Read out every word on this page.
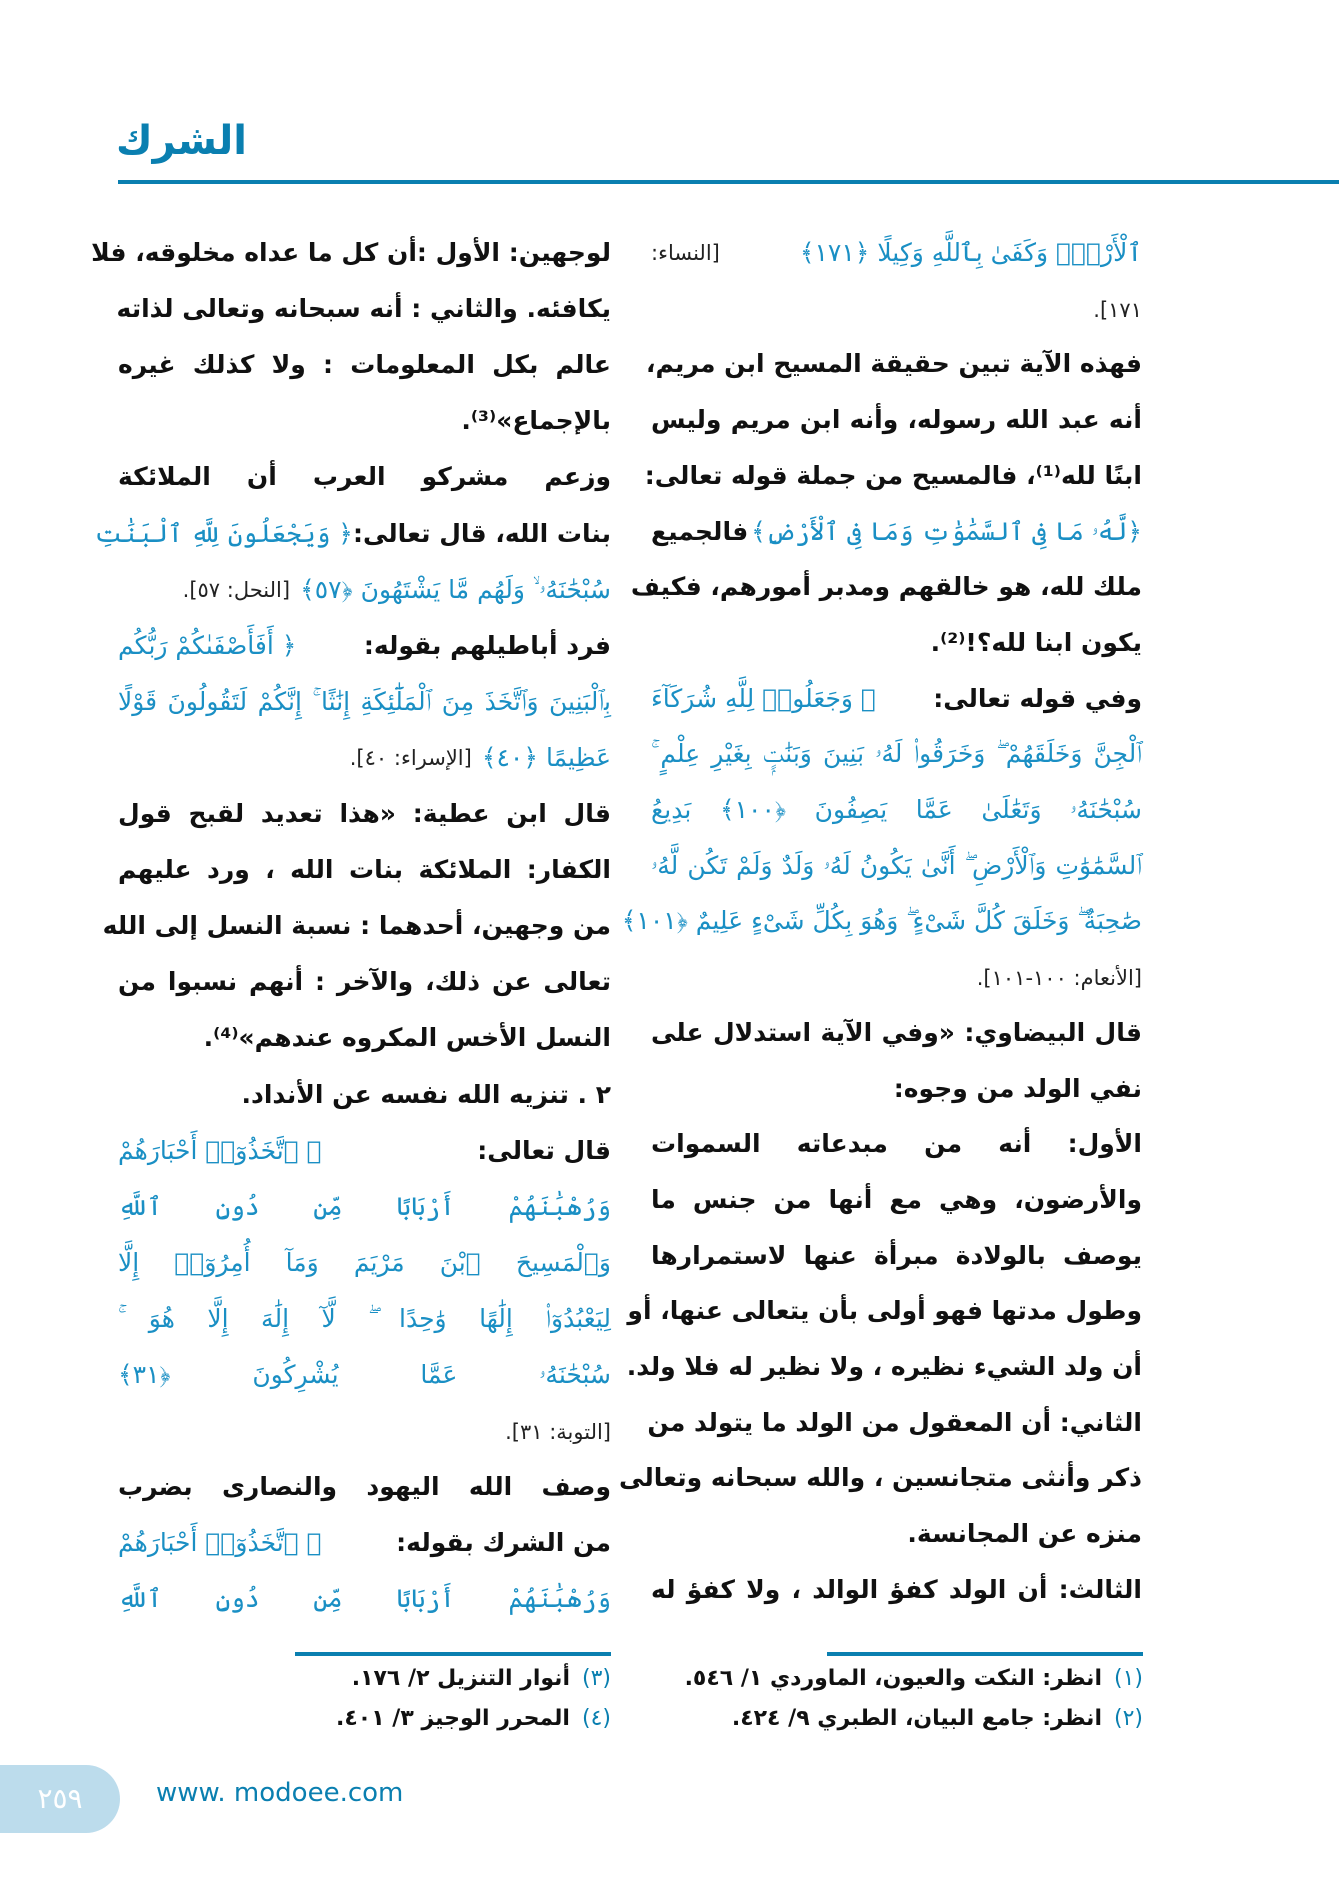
الشرك
ٱلْأَرْضِۗ وَكَفَىٰ بِٱللَّهِ وَكِيلًا ﴿١٧١﴾
[النساء:
١٧١].
فهذه الآية تبين حقيقة المسيح ابن مريم،
أنه عبد الله رسوله، وأنه ابن مريم وليس
ابنًا لله⁽¹⁾، فالمسيح من جملة قوله تعالى:
﴿لَّهُۥ مَا فِى ٱلسَّمَٰوَٰتِ وَمَا فِى ٱلْأَرْضِ﴾
فالجميع
ملك لله، هو خالقهم ومدبر أمورهم، فكيف
يكون ابنا لله؟!⁽²⁾.
وفي قوله تعالى:
﴿ وَجَعَلُوا۟ لِلَّهِ شُرَكَآءَ
ٱلْجِنَّ وَخَلَقَهُمْ ۖ وَخَرَقُوا۟ لَهُۥ بَنِينَ وَبَنَٰتٍۭ بِغَيْرِ عِلْمٍ ۚ
سُبْحَٰنَهُۥ وَتَعَٰلَىٰ عَمَّا يَصِفُونَ ﴿١٠٠﴾ بَدِيعُ
ٱلسَّمَٰوَٰتِ وَٱلْأَرْضِ ۖ أَنَّىٰ يَكُونُ لَهُۥ وَلَدٌ وَلَمْ تَكُن لَّهُۥ
صَٰحِبَةٌ ۖ وَخَلَقَ كُلَّ شَىْءٍ ۖ وَهُوَ بِكُلِّ شَىْءٍ عَلِيمٌ ﴿١٠١﴾
[الأنعام: ١٠٠-١٠١].
قال البيضاوي: «وفي الآية استدلال على
نفي الولد من وجوه:
الأول: أنه من مبدعاته السموات
والأرضون، وهي مع أنها من جنس ما
يوصف بالولادة مبرأة عنها لاستمرارها
وطول مدتها فهو أولى بأن يتعالى عنها، أو
أن ولد الشيء نظيره ، ولا نظير له فلا ولد.
الثاني: أن المعقول من الولد ما يتولد من
ذكر وأنثى متجانسين ، والله سبحانه وتعالى
منزه عن المجانسة.
الثالث: أن الولد كفؤ الوالد ، ولا كفؤ له
لوجهين: الأول :أن كل ما عداه مخلوقه، فلا
يكافئه. والثاني : أنه سبحانه وتعالى لذاته
عالم بكل المعلومات : ولا كذلك غيره
بالإجماع»⁽³⁾.
وزعم مشركو العرب أن الملائكة
بنات الله، قال تعالى:
﴿ وَيَجْعَلُونَ لِلَّهِ ٱلْبَنَٰتِ
سُبْحَٰنَهُۥ ۙ وَلَهُم مَّا يَشْتَهُونَ ﴿٥٧﴾
[النحل: ٥٧].
فرد أباطيلهم بقوله:
﴿ أَفَأَصْفَىٰكُمْ رَبُّكُم
بِٱلْبَنِينَ وَٱتَّخَذَ مِنَ ٱلْمَلَٰٓئِكَةِ إِنَٰثًا ۚ إِنَّكُمْ لَتَقُولُونَ قَوْلًا
عَظِيمًا ﴿٤٠﴾
[الإسراء: ٤٠].
قال ابن عطية: «هذا تعديد لقبح قول
الكفار: الملائكة بنات الله ، ورد عليهم
من وجهين، أحدهما : نسبة النسل إلى الله
تعالى عن ذلك، والآخر : أنهم نسبوا من
النسل الأخس المكروه عندهم»⁽⁴⁾.
٢ . تنزيه الله نفسه عن الأنداد.
قال تعالى:
﴿ ٱتَّخَذُوٓا۟ أَحْبَارَهُمْ
وَرُهْبَٰنَهُمْ أَرْبَابًا مِّن دُونِ ٱللَّهِ
وَٱلْمَسِيحَ ٱبْنَ مَرْيَمَ وَمَآ أُمِرُوٓا۟ إِلَّا
لِيَعْبُدُوٓا۟ إِلَٰهًا وَٰحِدًا ۖ لَّآ إِلَٰهَ إِلَّا هُوَ ۚ
سُبْحَٰنَهُۥ عَمَّا يُشْرِكُونَ ﴿٣١﴾
[التوبة: ٣١].
وصف الله اليهود والنصارى بضرب
من الشرك بقوله:
﴿ ٱتَّخَذُوٓا۟ أَحْبَارَهُمْ
وَرُهْبَٰنَهُمْ أَرْبَابًا مِّن دُونِ ٱللَّهِ
(١)انظر: النكت والعيون، الماوردي ١/ ٥٤٦.
(٢)انظر: جامع البيان، الطبري ٩/ ٤٢٤.
(٣)أنوار التنزيل ٢/ ١٧٦.
(٤)المحرر الوجيز ٣/ ٤٠١.
٢٥٩	www. modoee.com
